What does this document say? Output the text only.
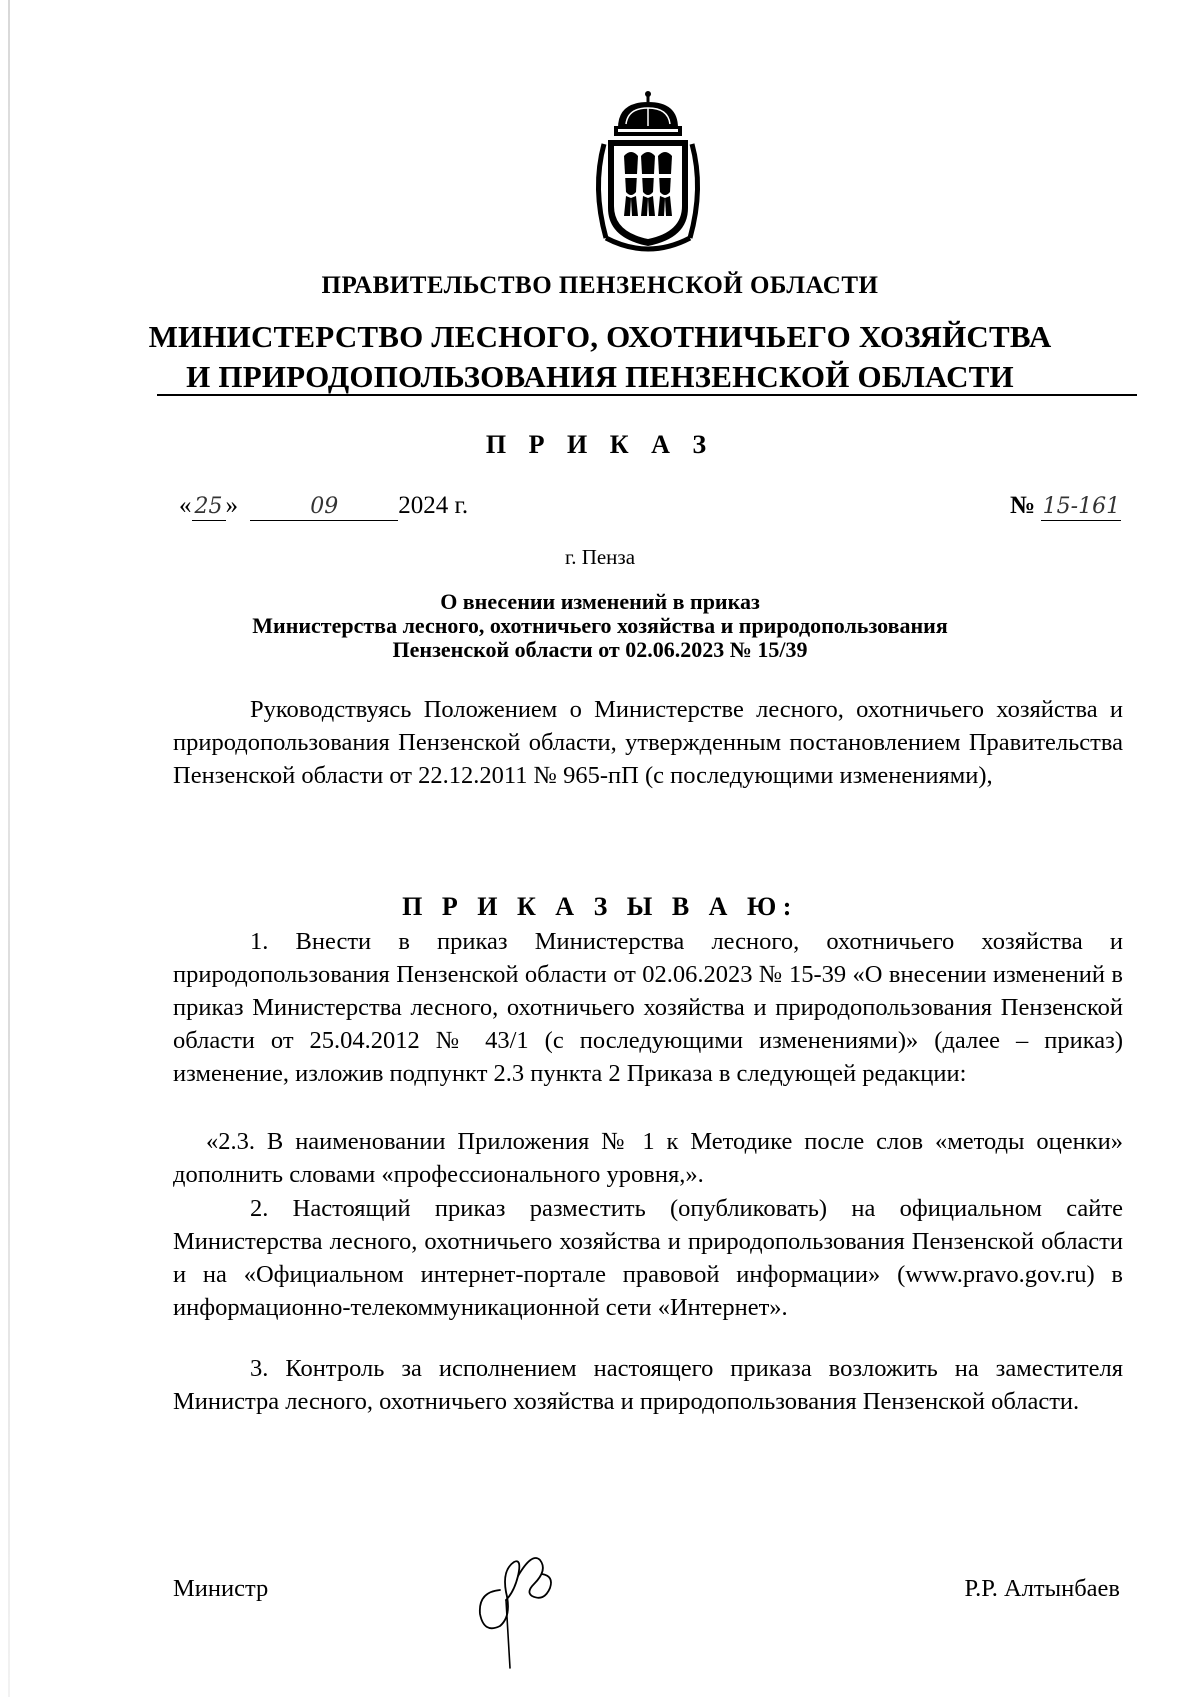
ПРАВИТЕЛЬСТВО ПЕНЗЕНСКОЙ ОБЛАСТИ
МИНИСТЕРСТВО ЛЕСНОГО, ОХОТНИЧЬЕГО ХОЗЯЙСТВА
И ПРИРОДОПОЛЬЗОВАНИЯ ПЕНЗЕНСКОЙ ОБЛАСТИ
П Р И К А З
« 25 »	09 2024 г.	№ 15-161
г. Пенза
О внесении изменений в приказ
Министерства лесного, охотничьего хозяйства и природопользования
Пензенской области от 02.06.2023 № 15/39

Руководствуясь Положением о Министерстве лесного, охотничьего хозяйства и природопользования Пензенской области, утвержденным постановлением Правительства Пензенской области от 22.12.2011 № 965-пП (с последующими изменениями),

П Р И К А З Ы В А Ю:

1. Внести в приказ Министерства лесного, охотничьего хозяйства и природопользования Пензенской области от 02.06.2023 № 15-39 «О внесении изменений в приказ Министерства лесного, охотничьего хозяйства и природопользования Пензенской области от 25.04.2012 № 43/1 (с последующими изменениями)» (далее – приказ) изменение, изложив подпункт 2.3 пункта 2 Приказа в следующей редакции:

«2.3. В наименовании Приложения № 1 к Методике после слов «методы оценки» дополнить словами «профессионального уровня,».

2. Настоящий приказ разместить (опубликовать) на официальном сайте Министерства лесного, охотничьего хозяйства и природопользования Пензенской области и на «Официальном интернет-портале правовой информации» (www.pravo.gov.ru) в информационно-телекоммуникационной сети «Интернет».

3. Контроль за исполнением настоящего приказа возложить на заместителя Министра лесного, охотничьего хозяйства и природопользования Пензенской области.

Министр	Р.Р. Алтынбаев
